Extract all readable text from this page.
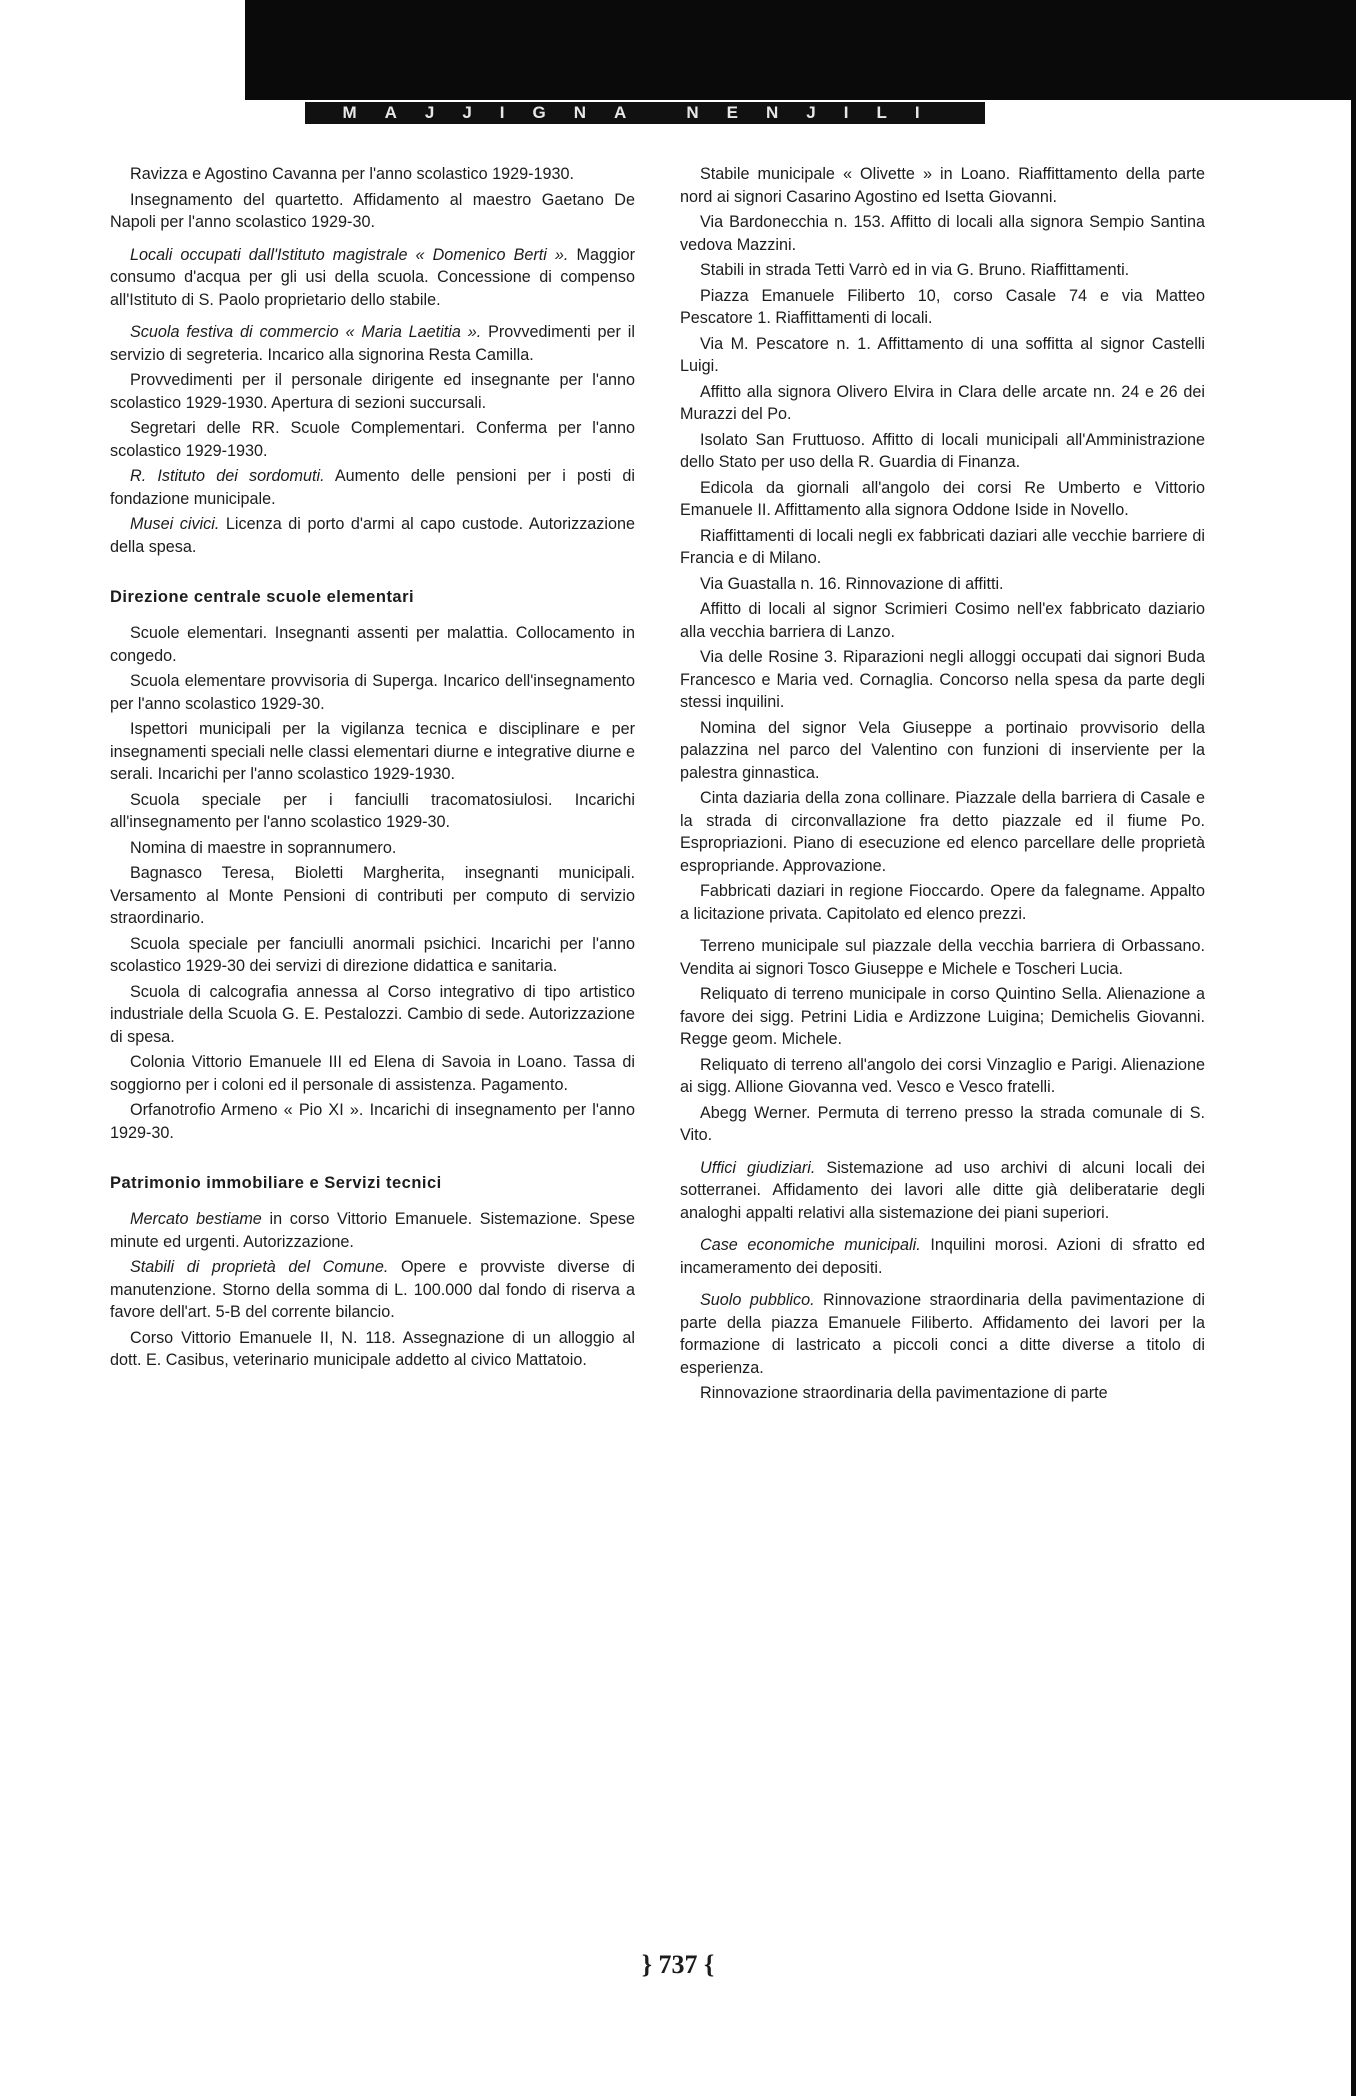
MAJJIGNA NENJILI

Ravizza e Agostino Cavanna per l'anno scolastico 1929-1930.

Insegnamento del quartetto. Affidamento al maestro Gaetano De Napoli per l'anno scolastico 1929-30.

Locali occupati dall'Istituto magistrale « Domenico Berti ». Maggior consumo d'acqua per gli usi della scuola. Concessione di compenso all'Istituto di S. Paolo proprietario dello stabile.

Scuola festiva di commercio « Maria Laetitia ». Provvedimenti per il servizio di segreteria. Incarico alla signorina Resta Camilla.

Provvedimenti per il personale dirigente ed insegnante per l'anno scolastico 1929-1930. Apertura di sezioni succursali.

Segretari delle RR. Scuole Complementari. Conferma per l'anno scolastico 1929-1930.

R. Istituto dei sordomuti. Aumento delle pensioni per i posti di fondazione municipale.

Musei civici. Licenza di porto d'armi al capo custode. Autorizzazione della spesa.

Direzione centrale scuole elementari

Scuole elementari. Insegnanti assenti per malattia. Collocamento in congedo.

Scuola elementare provvisoria di Superga. Incarico dell'insegnamento per l'anno scolastico 1929-30.

Ispettori municipali per la vigilanza tecnica e disciplinare e per insegnamenti speciali nelle classi elementari diurne e integrative diurne e serali. Incarichi per l'anno scolastico 1929-1930.

Scuola speciale per i fanciulli tracomatosiulosi. Incarichi all'insegnamento per l'anno scolastico 1929-30.

Nomina di maestre in soprannumero.

Bagnasco Teresa, Bioletti Margherita, insegnanti municipali. Versamento al Monte Pensioni di contributi per computo di servizio straordinario.

Scuola speciale per fanciulli anormali psichici. Incarichi per l'anno scolastico 1929-30 dei servizi di direzione didattica e sanitaria.

Scuola di calcografia annessa al Corso integrativo di tipo artistico industriale della Scuola G. E. Pestalozzi. Cambio di sede. Autorizzazione di spesa.

Colonia Vittorio Emanuele III ed Elena di Savoia in Loano. Tassa di soggiorno per i coloni ed il personale di assistenza. Pagamento.

Orfanotrofio Armeno « Pio XI ». Incarichi di insegnamento per l'anno 1929-30.

Patrimonio immobiliare e Servizi tecnici

Mercato bestiame in corso Vittorio Emanuele. Sistemazione. Spese minute ed urgenti. Autorizzazione.

Stabili di proprietà del Comune. Opere e provviste diverse di manutenzione. Storno della somma di L. 100.000 dal fondo di riserva a favore dell'art. 5-B del corrente bilancio.

Corso Vittorio Emanuele II, N. 118. Assegnazione di un alloggio al dott. E. Casibus, veterinario municipale addetto al civico Mattatoio.

Stabile municipale « Olivette » in Loano. Riaffittamento della parte nord ai signori Casarino Agostino ed Isetta Giovanni.

Via Bardonecchia n. 153. Affitto di locali alla signora Sempio Santina vedova Mazzini.

Stabili in strada Tetti Varrò ed in via G. Bruno. Riaffittamenti.

Piazza Emanuele Filiberto 10, corso Casale 74 e via Matteo Pescatore 1. Riaffittamenti di locali.

Via M. Pescatore n. 1. Affittamento di una soffitta al signor Castelli Luigi.

Affitto alla signora Olivero Elvira in Clara delle arcate nn. 24 e 26 dei Murazzi del Po.

Isolato San Fruttuoso. Affitto di locali municipali all'Amministrazione dello Stato per uso della R. Guardia di Finanza.

Edicola da giornali all'angolo dei corsi Re Umberto e Vittorio Emanuele II. Affittamento alla signora Oddone Iside in Novello.

Riaffittamenti di locali negli ex fabbricati daziari alle vecchie barriere di Francia e di Milano.

Via Guastalla n. 16. Rinnovazione di affitti.

Affitto di locali al signor Scrimieri Cosimo nell'ex fabbricato daziario alla vecchia barriera di Lanzo.

Via delle Rosine 3. Riparazioni negli alloggi occupati dai signori Buda Francesco e Maria ved. Cornaglia. Concorso nella spesa da parte degli stessi inquilini.

Nomina del signor Vela Giuseppe a portinaio provvisorio della palazzina nel parco del Valentino con funzioni di inserviente per la palestra ginnastica.

Cinta daziaria della zona collinare. Piazzale della barriera di Casale e la strada di circonvallazione fra detto piazzale ed il fiume Po. Espropriazioni. Piano di esecuzione ed elenco parcellare delle proprietà espropriande. Approvazione.

Fabbricati daziari in regione Fioccardo. Opere da falegname. Appalto a licitazione privata. Capitolato ed elenco prezzi.

Terreno municipale sul piazzale della vecchia barriera di Orbassano. Vendita ai signori Tosco Giuseppe e Michele e Toscheri Lucia.

Reliquato di terreno municipale in corso Quintino Sella. Alienazione a favore dei sigg. Petrini Lidia e Ardizzone Luigina; Demichelis Giovanni. Regge geom. Michele.

Reliquato di terreno all'angolo dei corsi Vinzaglio e Parigi. Alienazione ai sigg. Allione Giovanna ved. Vesco e Vesco fratelli.

Abegg Werner. Permuta di terreno presso la strada comunale di S. Vito.

Uffici giudiziari. Sistemazione ad uso archivi di alcuni locali dei sotterranei. Affidamento dei lavori alle ditte già deliberatarie degli analoghi appalti relativi alla sistemazione dei piani superiori.

Case economiche municipali. Inquilini morosi. Azioni di sfratto ed incameramento dei depositi.

Suolo pubblico. Rinnovazione straordinaria della pavimentazione di parte della piazza Emanuele Filiberto. Affidamento dei lavori per la formazione di lastricato a piccoli conci a ditte diverse a titolo di esperienza.

Rinnovazione straordinaria della pavimentazione di parte

} 737 {
